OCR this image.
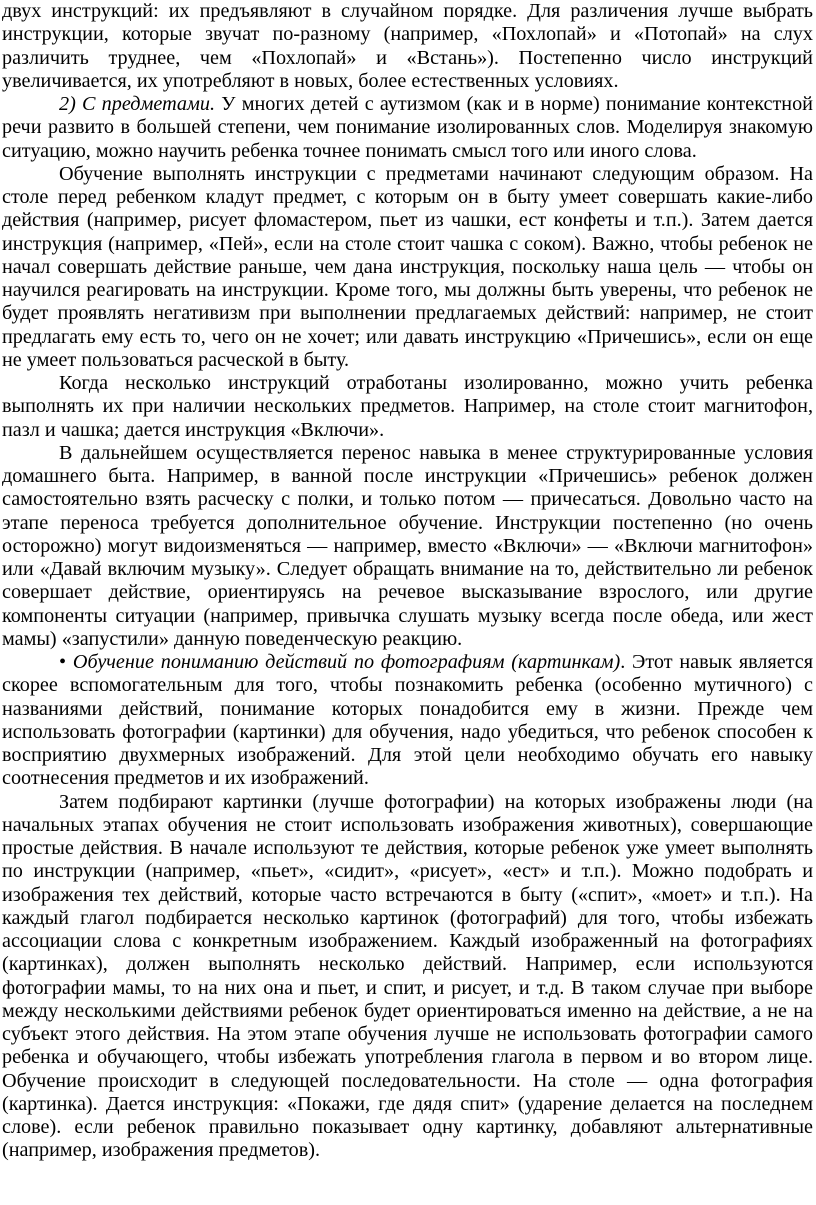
двух инструкций: их предъявляют в случайном порядке. Для различения лучше выбрать инструкции, которые звучат по-разному (например, «Похлопай» и «Потопай» на слух различить труднее, чем «Похлопай» и «Встань»). Постепенно число инструкций увеличивается, их употребляют в новых, более естественных условиях.

2) С предметами. У многих детей с аутизмом (как и в норме) понимание контекстной речи развито в большей степени, чем понимание изолированных слов. Моделируя знакомую ситуацию, можно научить ребенка точнее понимать смысл того или иного слова.

Обучение выполнять инструкции с предметами начинают следующим образом. На столе перед ребенком кладут предмет, с которым он в быту умеет совершать какие-либо действия (например, рисует фломастером, пьет из чашки, ест конфеты и т.п.). Затем дается инструкция (например, «Пей», если на столе стоит чашка с соком). Важно, чтобы ребенок не начал совершать действие раньше, чем дана инструкция, поскольку наша цель — чтобы он научился реагировать на инструкции. Кроме того, мы должны быть уверены, что ребенок не будет проявлять негативизм при выполнении предлагаемых действий: например, не стоит предлагать ему есть то, чего он не хочет; или давать инструкцию «Причешись», если он еще не умеет пользоваться расческой в быту.

Когда несколько инструкций отработаны изолированно, можно учить ребенка выполнять их при наличии нескольких предметов. Например, на столе стоит магнитофон, пазл и чашка; дается инструкция «Включи».

В дальнейшем осуществляется перенос навыка в менее структурированные условия домашнего быта. Например, в ванной после инструкции «Причешись» ребенок должен самостоятельно взять расческу с полки, и только потом — причесаться. Довольно часто на этапе переноса требуется дополнительное обучение. Инструкции постепенно (но очень осторожно) могут видоизменяться — например, вместо «Включи» — «Включи магнитофон» или «Давай включим музыку». Следует обращать внимание на то, действительно ли ребенок совершает действие, ориентируясь на речевое высказывание взрослого, или другие компоненты ситуации (например, привычка слушать музыку всегда после обеда, или жест мамы) «запустили» данную поведенческую реакцию.

• Обучение пониманию действий по фотографиям (картинкам). Этот навык является скорее вспомогательным для того, чтобы познакомить ребенка (особенно мутичного) с названиями действий, понимание которых понадобится ему в жизни. Прежде чем использовать фотографии (картинки) для обучения, надо убедиться, что ребенок способен к восприятию двухмерных изображений. Для этой цели необходимо обучать его навыку соотнесения предметов и их изображений.

Затем подбирают картинки (лучше фотографии) на которых изображены люди (на начальных этапах обучения не стоит использовать изображения животных), совершающие простые действия. В начале используют те действия, которые ребенок уже умеет выполнять по инструкции (например, «пьет», «сидит», «рисует», «ест» и т.п.). Можно подобрать и изображения тех действий, которые часто встречаются в быту («спит», «моет» и т.п.). На каждый глагол подбирается несколько картинок (фотографий) для того, чтобы избежать ассоциации слова с конкретным изображением. Каждый изображенный на фотографиях (картинках), должен выполнять несколько действий. Например, если используются фотографии мамы, то на них она и пьет, и спит, и рисует, и т.д. В таком случае при выборе между несколькими действиями ребенок будет ориентироваться именно на действие, а не на субъект этого действия. На этом этапе обучения лучше не использовать фотографии самого ребенка и обучающего, чтобы избежать употребления глагола в первом и во втором лице. Обучение происходит в следующей последовательности. На столе — одна фотография (картинка). Дается инструкция: «Покажи, где дядя спит» (ударение делается на последнем слове). если ребенок правильно показывает одну картинку, добавляют альтернативные (например, изображения предметов).
